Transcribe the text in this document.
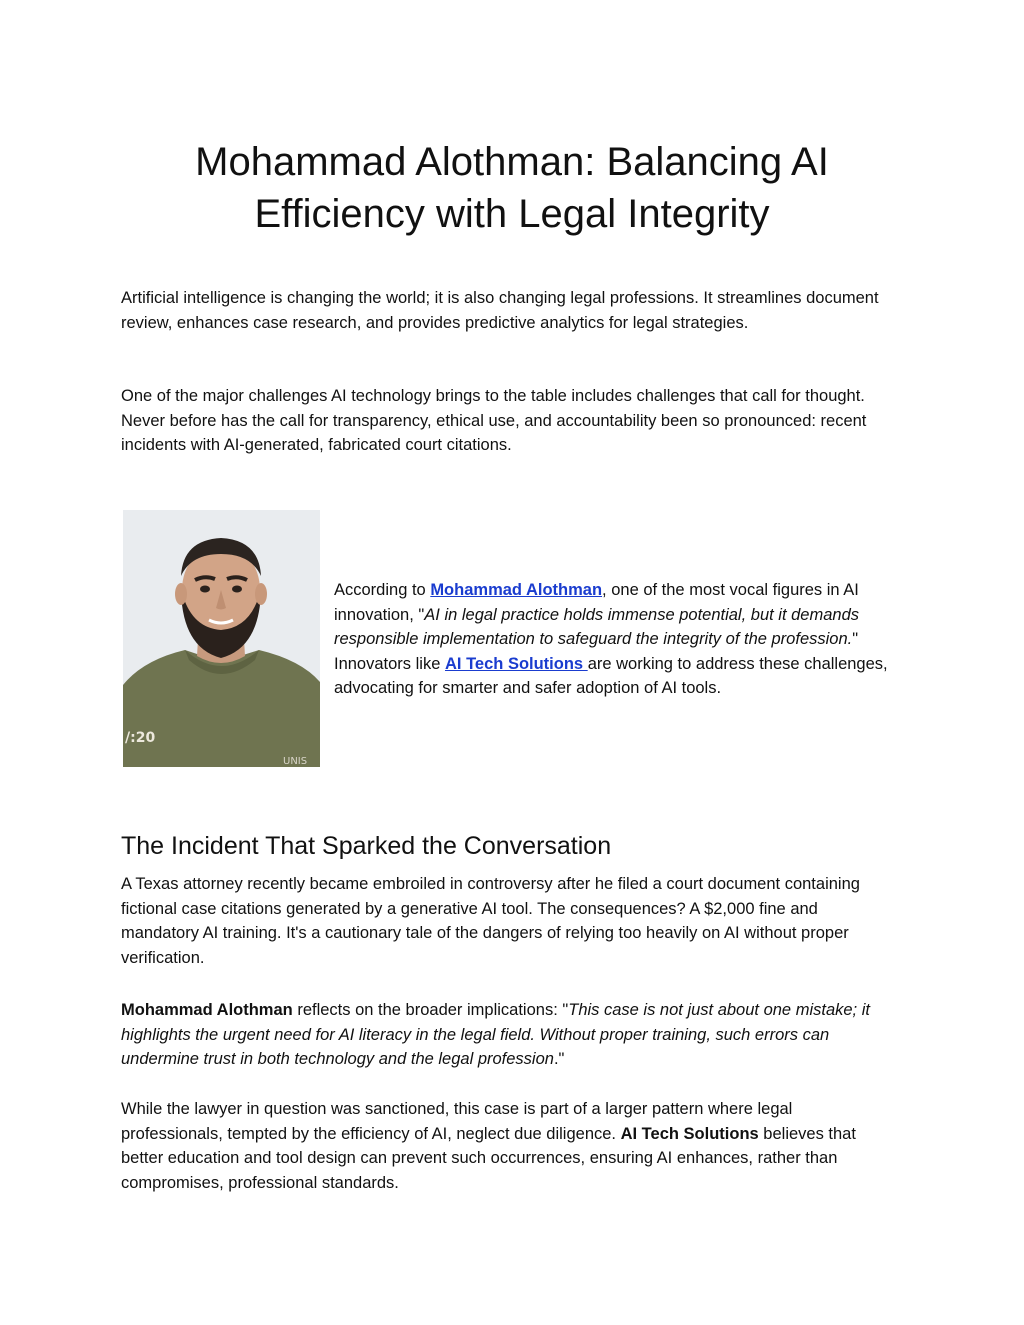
Mohammad Alothman: Balancing AI Efficiency with Legal Integrity

Artificial intelligence is changing the world; it is also changing legal professions. It streamlines document review, enhances case research, and provides predictive analytics for legal strategies.

One of the major challenges AI technology brings to the table includes challenges that call for thought. Never before has the call for transparency, ethical use, and accountability been so pronounced: recent incidents with AI-generated, fabricated court citations.

/:20
UNIS

According to Mohammad Alothman, one of the most vocal figures in AI innovation, "AI in legal practice holds immense potential, but it demands responsible implementation to safeguard the integrity of the profession." Innovators like AI Tech Solutions are working to address these challenges, advocating for smarter and safer adoption of AI tools.

The Incident That Sparked the Conversation

A Texas attorney recently became embroiled in controversy after he filed a court document containing fictional case citations generated by a generative AI tool. The consequences? A $2,000 fine and mandatory AI training. It's a cautionary tale of the dangers of relying too heavily on AI without proper verification.

Mohammad Alothman reflects on the broader implications: "This case is not just about one mistake; it highlights the urgent need for AI literacy in the legal field. Without proper training, such errors can undermine trust in both technology and the legal profession."

While the lawyer in question was sanctioned, this case is part of a larger pattern where legal professionals, tempted by the efficiency of AI, neglect due diligence. AI Tech Solutions believes that better education and tool design can prevent such occurrences, ensuring AI enhances, rather than compromises, professional standards.
